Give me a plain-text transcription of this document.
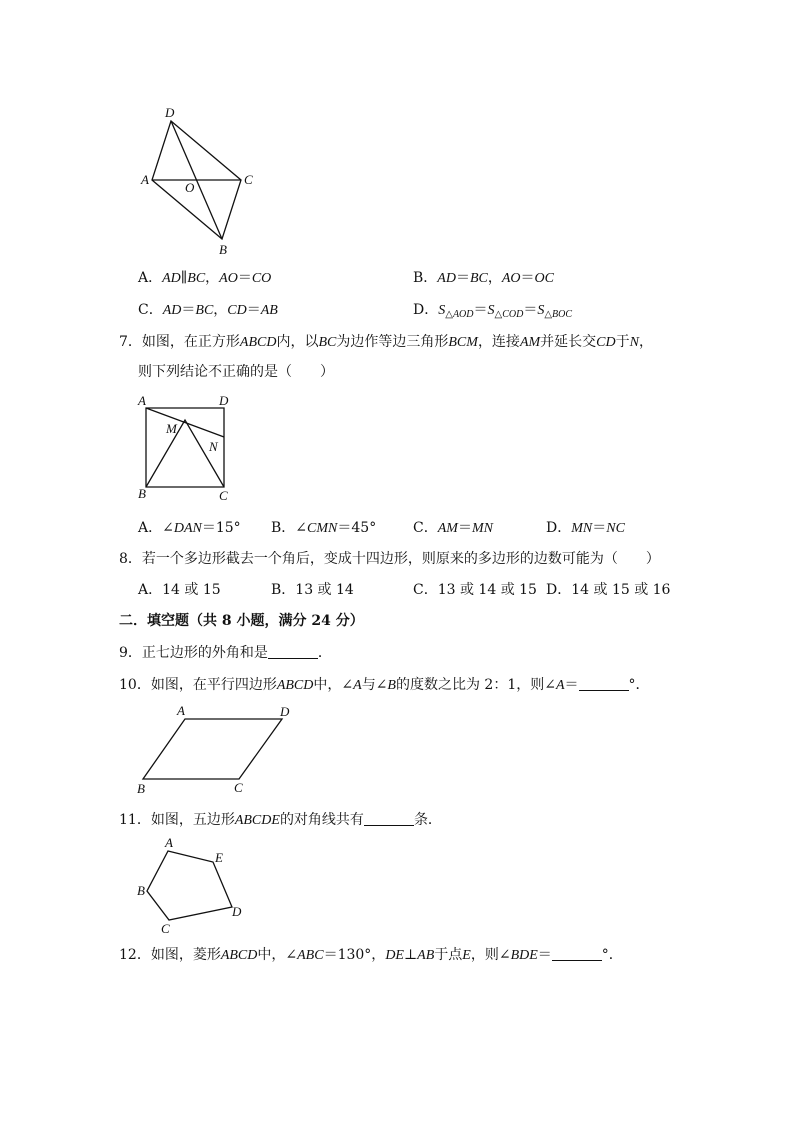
D
A
O
C
B
A	D
M
N
B	C
A	D
B	C
A
E
B
D
C
A．AD∥BC，AO＝CO	B．AD＝BC，AO＝OC
C．AD＝BC，CD＝AB	D．$S_{\triangle AOD}=S_{\triangle COD}=S_{\triangle BOC}$
7．如图，在正方形ABCD内，以BC为边作等边三角形BCM，连接AM并延长交CD于N，
则下列结论不正确的是（　　）
A．∠DAN＝15° B．∠CMN＝45°	C．AM＝MN	D．MN＝NC
8．若一个多边形截去一个角后，变成十四边形，则原来的多边形的边数可能为（　　）
A．14 或 15	B．13 或 14	C．13 或 14 或 15 D．14 或 15 或 16
二．填空题（共 8 小题，满分 24 分）
9．正七边形的外角和是	．
10．如图，在平行四边形ABCD中，∠A与∠B的度数之比为 2：1，则∠A＝	°．
11．如图，五边形ABCDE的对角线共有	条．
12．如图，菱形ABCD中，∠ABC＝130°，DE⊥AB于点E，则∠BDE＝	°．
